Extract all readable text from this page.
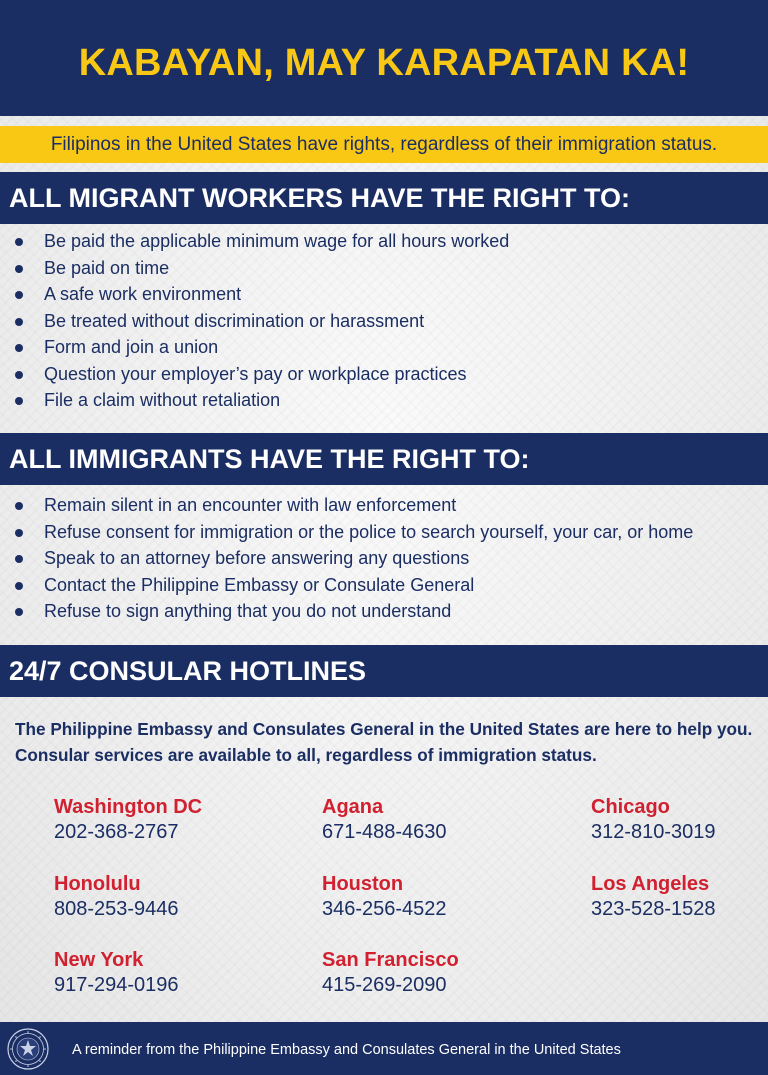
KABAYAN, MAY KARAPATAN KA!
Filipinos in the United States have rights, regardless of their immigration status.
ALL MIGRANT WORKERS HAVE THE RIGHT TO:
Be paid the applicable minimum wage for all hours worked
Be paid on time
A safe work environment
Be treated without discrimination or harassment
Form and join a union
Question your employer’s pay or workplace practices
File a claim without retaliation
ALL IMMIGRANTS HAVE THE RIGHT TO:
Remain silent in an encounter with law enforcement
Refuse consent for immigration or the police to search yourself, your car, or home
Speak to an attorney before answering any questions
Contact the Philippine Embassy or Consulate General
Refuse to sign anything that you do not understand
24/7 CONSULAR HOTLINES
The Philippine Embassy and Consulates General in the United States are here to help you. Consular services are available to all, regardless of immigration status.
Washington DC
202-368-2767
Agana
671-488-4630
Chicago
312-810-3019
Honolulu
808-253-9446
Houston
346-256-4522
Los Angeles
323-528-1528
New York
917-294-0196
San Francisco
415-269-2090
A reminder from the Philippine Embassy and Consulates General in the United States
